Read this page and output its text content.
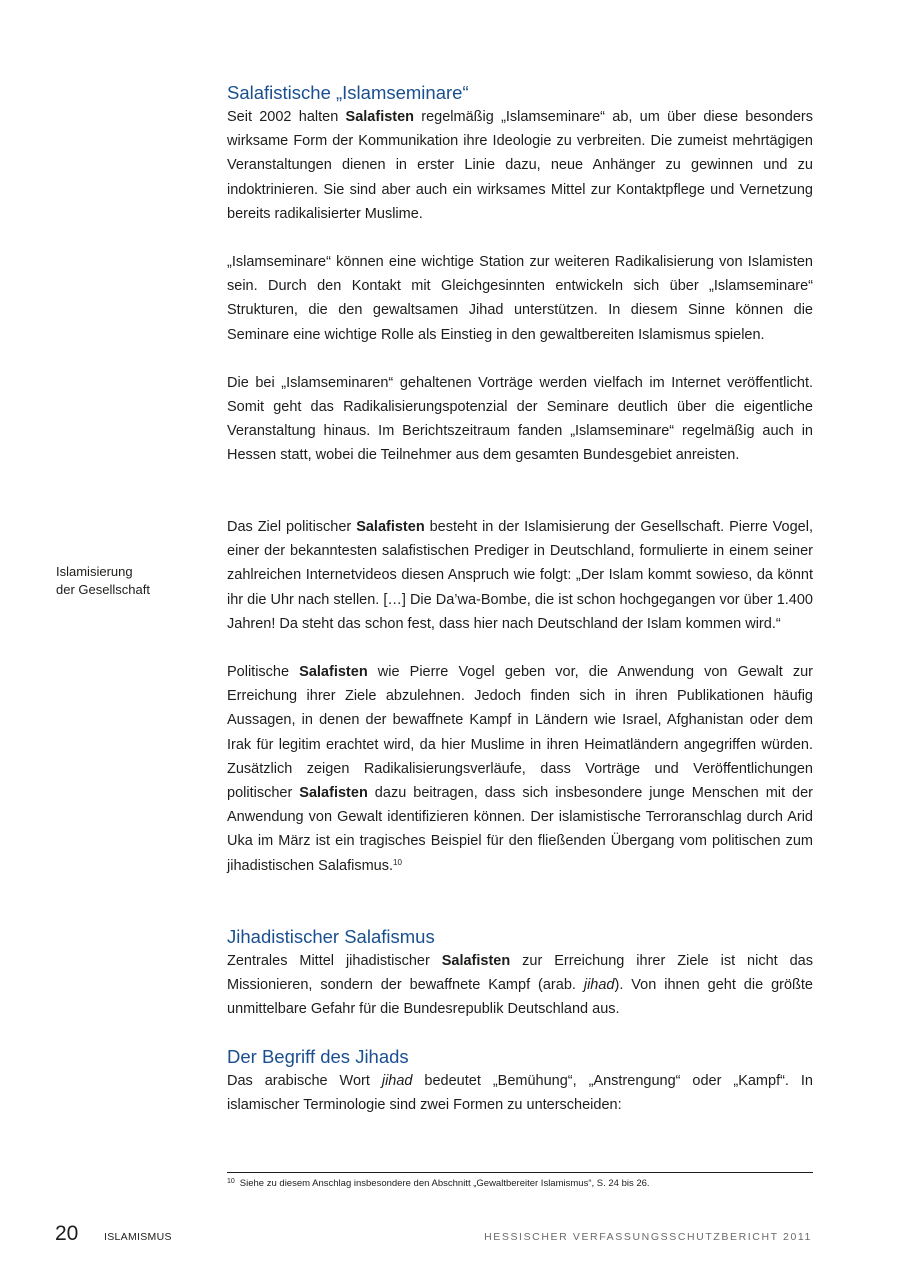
Salafistische „Islamseminare“

Seit 2002 halten Salafisten regelmäßig „Islamseminare“ ab, um über diese besonders wirksame Form der Kommunikation ihre Ideologie zu verbreiten. Die zumeist mehrtägigen Veranstaltungen dienen in erster Linie dazu, neue Anhänger zu gewinnen und zu indoktrinieren. Sie sind aber auch ein wirksames Mittel zur Kontaktpflege und Vernetzung bereits radikalisierter Muslime.

„Islamseminare“ können eine wichtige Station zur weiteren Radikalisierung von Islamisten sein. Durch den Kontakt mit Gleichgesinnten entwickeln sich über „Islamseminare“ Strukturen, die den gewaltsamen Jihad unterstützen. In diesem Sinne können die Seminare eine wichtige Rolle als Einstieg in den gewaltbereiten Islamismus spielen.

Die bei „Islamseminaren“ gehaltenen Vorträge werden vielfach im Internet veröffentlicht. Somit geht das Radikalisierungspotenzial der Seminare deutlich über die eigentliche Veranstaltung hinaus. Im Berichtszeitraum fanden „Islamseminare“ regelmäßig auch in Hessen statt, wobei die Teilnehmer aus dem gesamten Bundesgebiet anreisten.

Islamisierung
der Gesellschaft

Das Ziel politischer Salafisten besteht in der Islamisierung der Gesellschaft. Pierre Vogel, einer der bekanntesten salafistischen Prediger in Deutschland, formulierte in einem seiner zahlreichen Internetvideos diesen Anspruch wie folgt: „Der Islam kommt sowieso, da könnt ihr die Uhr nach stellen. […] Die Da’wa-Bombe, die ist schon hochgegangen vor über 1.400 Jahren! Da steht das schon fest, dass hier nach Deutschland der Islam kommen wird.“

Politische Salafisten wie Pierre Vogel geben vor, die Anwendung von Gewalt zur Erreichung ihrer Ziele abzulehnen. Jedoch finden sich in ihren Publikationen häufig Aussagen, in denen der bewaffnete Kampf in Ländern wie Israel, Afghanistan oder dem Irak für legitim erachtet wird, da hier Muslime in ihren Heimatländern angegriffen würden. Zusätzlich zeigen Radikalisierungsverläufe, dass Vorträge und Veröffentlichungen politischer Salafisten dazu beitragen, dass sich insbesondere junge Menschen mit der Anwendung von Gewalt identifizieren können. Der islamistische Terroranschlag durch Arid Uka im März ist ein tragisches Beispiel für den fließenden Übergang vom politischen zum jihadistischen Salafismus.$^{10}$

Jihadistischer Salafismus

Zentrales Mittel jihadistischer Salafisten zur Erreichung ihrer Ziele ist nicht das Missionieren, sondern der bewaffnete Kampf (arab. jihad). Von ihnen geht die größte unmittelbare Gefahr für die Bundesrepublik Deutschland aus.

Der Begriff des Jihads

Das arabische Wort jihad bedeutet „Bemühung“, „Anstrengung“ oder „Kampf“. In islamischer Terminologie sind zwei Formen zu unterscheiden:

$^{10}$ Siehe zu diesem Anschlag insbesondere den Abschnitt „Gewaltbereiter Islamismus“, S. 24 bis 26.
20 ISLAMISMUS	HESSISCHER VERFASSUNGSSCHUTZBERICHT 2011
